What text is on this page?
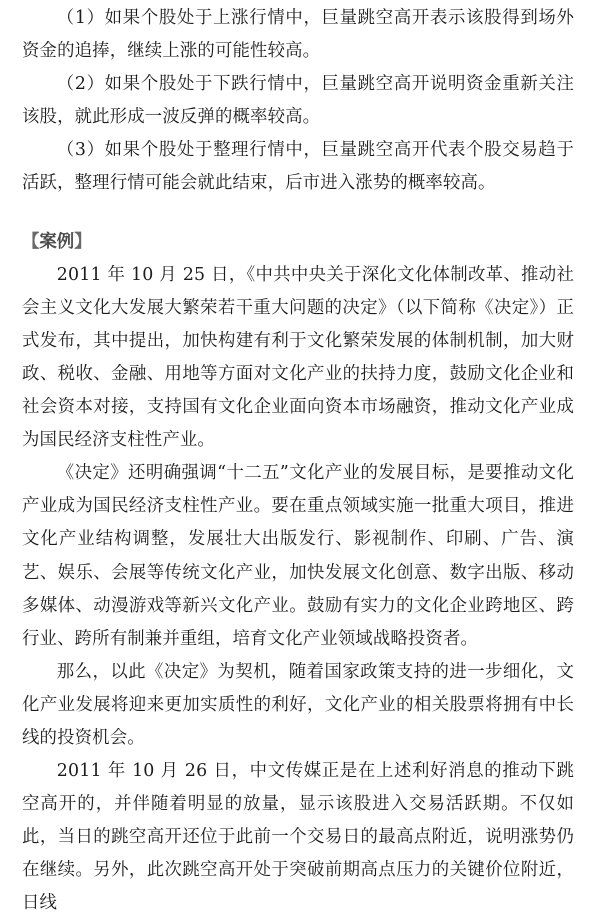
（1）如果个股处于上涨行情中，巨量跳空高开表示该股得到场外资金的追捧，继续上涨的可能性较高。

（2）如果个股处于下跌行情中，巨量跳空高开说明资金重新关注该股，就此形成一波反弹的概率较高。

（3）如果个股处于整理行情中，巨量跳空高开代表个股交易趋于活跃，整理行情可能会就此结束，后市进入涨势的概率较高。

【案例】

2011 年 10 月 25 日，《中共中央关于深化文化体制改革、推动社会主义文化大发展大繁荣若干重大问题的决定》（以下简称《决定》）正式发布，其中提出，加快构建有利于文化繁荣发展的体制机制，加大财政、税收、金融、用地等方面对文化产业的扶持力度，鼓励文化企业和社会资本对接，支持国有文化企业面向资本市场融资，推动文化产业成为国民经济支柱性产业。

《决定》还明确强调“十二五”文化产业的发展目标，是要推动文化产业成为国民经济支柱性产业。要在重点领域实施一批重大项目，推进文化产业结构调整，发展壮大出版发行、影视制作、印刷、广告、演艺、娱乐、会展等传统文化产业，加快发展文化创意、数字出版、移动多媒体、动漫游戏等新兴文化产业。鼓励有实力的文化企业跨地区、跨行业、跨所有制兼并重组，培育文化产业领域战略投资者。

那么，以此《决定》为契机，随着国家政策支持的进一步细化，文化产业发展将迎来更加实质性的利好，文化产业的相关股票将拥有中长线的投资机会。

2011 年 10 月 26 日，中文传媒正是在上述利好消息的推动下跳空高开的，并伴随着明显的放量，显示该股进入交易活跃期。不仅如此，当日的跳空高开还位于此前一个交易日的最高点附近，说明涨势仍在继续。另外，此次跳空高开处于突破前期高点压力的关键价位附近，日线
